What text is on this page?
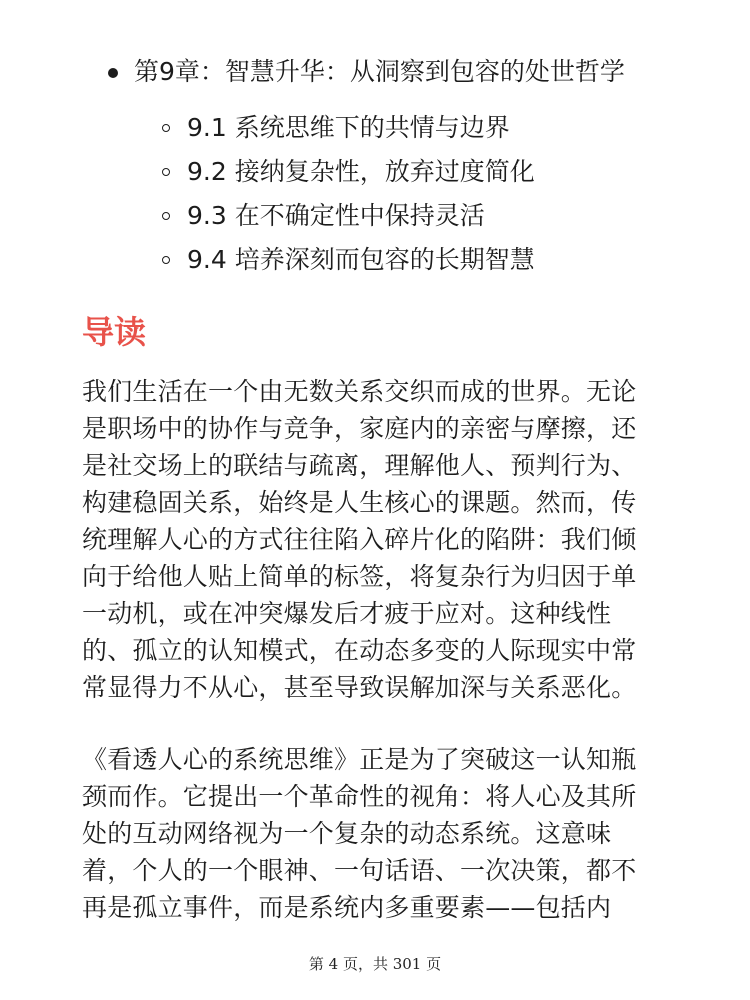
第9章：智慧升华：从洞察到包容的处世哲学
9.1 系统思维下的共情与边界
9.2 接纳复杂性，放弃过度简化
9.3 在不确定性中保持灵活
9.4 培养深刻而包容的长期智慧
导读
我们生活在一个由无数关系交织而成的世界。无论
是职场中的协作与竞争，家庭内的亲密与摩擦，还
是社交场上的联结与疏离，理解他人、预判行为、
构建稳固关系，始终是人生核心的课题。然而，传
统理解人心的方式往往陷入碎片化的陷阱：我们倾
向于给他人贴上简单的标签，将复杂行为归因于单
一动机，或在冲突爆发后才疲于应对。这种线性
的、孤立的认知模式，在动态多变的人际现实中常
常显得力不从心，甚至导致误解加深与关系恶化。
《看透人心的系统思维》正是为了突破这一认知瓶
颈而作。它提出一个革命性的视角：将人心及其所
处的互动网络视为一个复杂的动态系统。这意味
着，个人的一个眼神、一句话语、一次决策，都不
再是孤立事件，而是系统内多重要素——包括内
第 4 页，共 301 页
